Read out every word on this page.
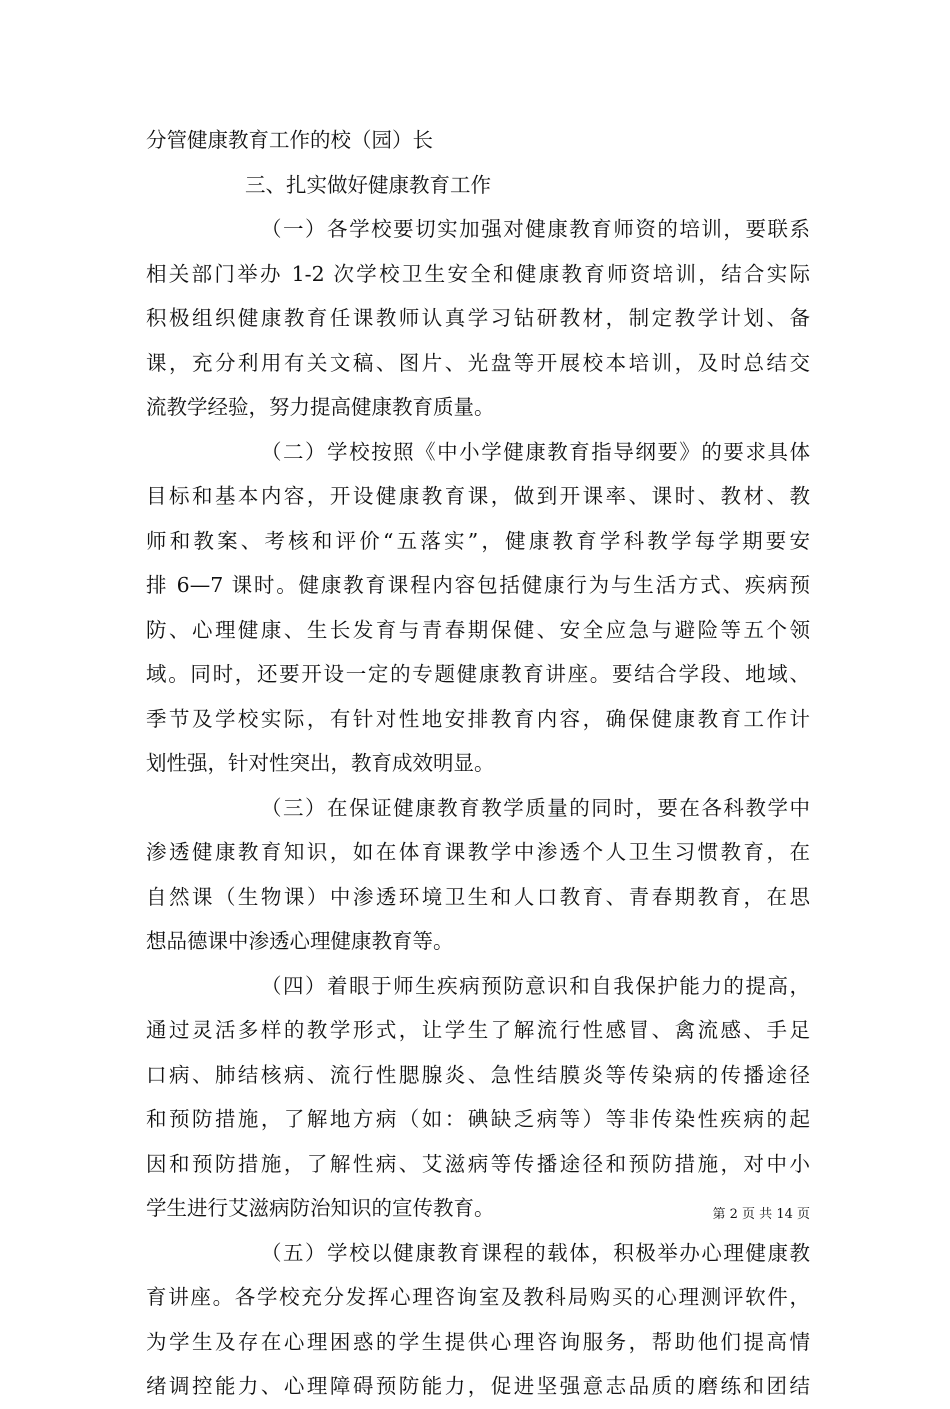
分管健康教育工作的校（园）长
三、扎实做好健康教育工作
（一）各学校要切实加强对健康教育师资的培训，要联系
相关部门举办 1-2 次学校卫生安全和健康教育师资培训，结合实际
积极组织健康教育任课教师认真学习钻研教材，制定教学计划、备
课，充分利用有关文稿、图片、光盘等开展校本培训，及时总结交
流教学经验，努力提高健康教育质量。
（二）学校按照《中小学健康教育指导纲要》的要求具体
目标和基本内容，开设健康教育课，做到开课率、课时、教材、教
师和教案、考核和评价“五落实”，健康教育学科教学每学期要安
排 6—7 课时。健康教育课程内容包括健康行为与生活方式、疾病预
防、心理健康、生长发育与青春期保健、安全应急与避险等五个领
域。同时，还要开设一定的专题健康教育讲座。要结合学段、地域、
季节及学校实际，有针对性地安排教育内容，确保健康教育工作计
划性强，针对性突出，教育成效明显。
（三）在保证健康教育教学质量的同时，要在各科教学中
渗透健康教育知识，如在体育课教学中渗透个人卫生习惯教育，在
自然课（生物课）中渗透环境卫生和人口教育、青春期教育，在思
想品德课中渗透心理健康教育等。
（四）着眼于师生疾病预防意识和自我保护能力的提高，
通过灵活多样的教学形式，让学生了解流行性感冒、禽流感、手足
口病、肺结核病、流行性腮腺炎、急性结膜炎等传染病的传播途径
和预防措施，了解地方病（如：碘缺乏病等）等非传染性疾病的起
因和预防措施，了解性病、艾滋病等传播途径和预防措施，对中小
学生进行艾滋病防治知识的宣传教育。
（五）学校以健康教育课程的载体，积极举办心理健康教
育讲座。各学校充分发挥心理咨询室及教科局购买的心理测评软件，
为学生及存在心理困惑的学生提供心理咨询服务，帮助他们提高情
绪调控能力、心理障碍预防能力，促进坚强意志品质的磨练和团结
第 2 页 共 14 页
